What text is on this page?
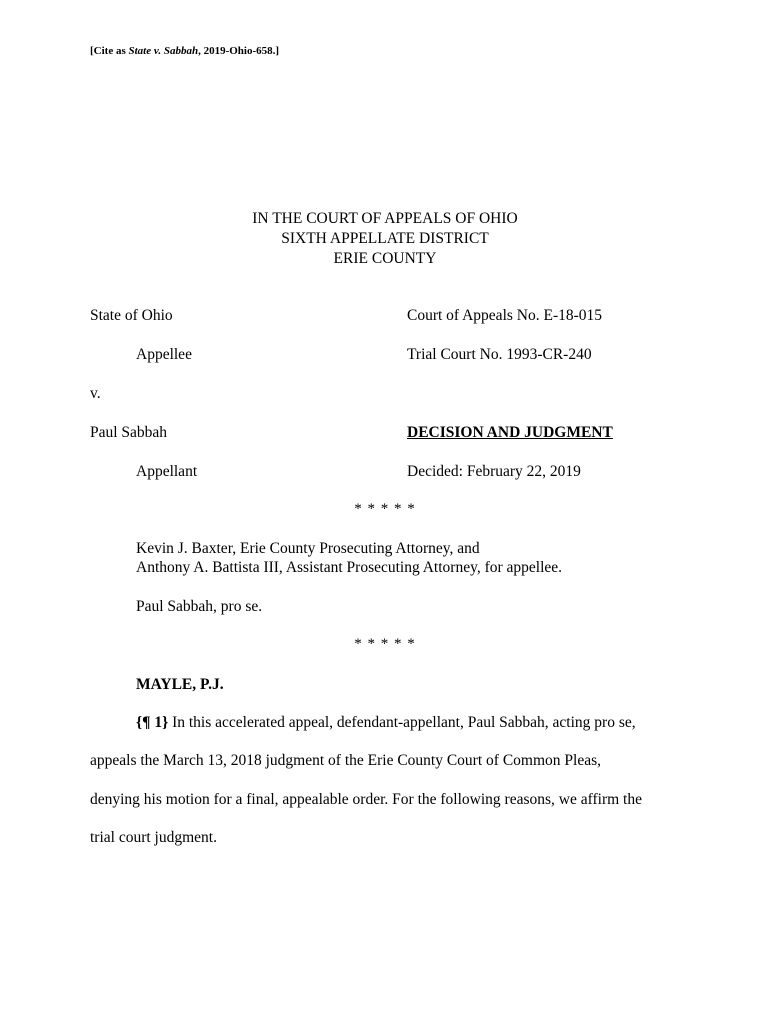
[Cite as State v. Sabbah, 2019-Ohio-658.]
IN THE COURT OF APPEALS OF OHIO
SIXTH APPELLATE DISTRICT
ERIE COUNTY
State of Ohio	Court of Appeals No. E-18-015
Appellee	Trial Court No. 1993-CR-240
v.
Paul Sabbah	DECISION AND JUDGMENT
Appellant	Decided: February 22, 2019
* * * * *
Kevin J. Baxter, Erie County Prosecuting Attorney, and
Anthony A. Battista III, Assistant Prosecuting Attorney, for appellee.
Paul Sabbah, pro se.
* * * * *
MAYLE, P.J.
{¶ 1} In this accelerated appeal, defendant-appellant, Paul Sabbah, acting pro se,
appeals the March 13, 2018 judgment of the Erie County Court of Common Pleas,
denying his motion for a final, appealable order. For the following reasons, we affirm the
trial court judgment.
